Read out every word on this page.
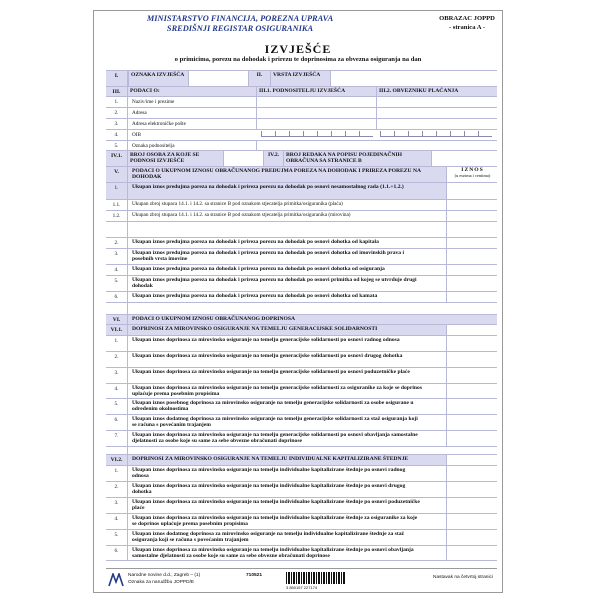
MINISTARSTVO FINANCIJA, POREZNA UPRAVA
SREDIŠNJI REGISTAR OSIGURANIKA
OBRAZAC JOPPD
- stranica A -
IZVJEŠĆE
o primicima, porezu na dohodak i prirezu te doprinosima za obvezna osiguranja na dan
I.	OZNAKA IZVJEŠĆA	II.	VRSTA IZVJEŠĆA
III.	PODACI O:	III.1. PODNOSITELJU IZVJEŠĆA	III.2. OBVEZNIKU PLAĆANJA
1.	Naziv/ime i prezime
2.	Adresa
3.	Adresa elektroničke pošte
4.	OIB
5.	Oznaka podnositelja
IV.1.	BROJ OSOBA ZA KOJE SE PODNOSI IZVJEŠĆE
IV.2.	BROJ REDAKA NA POPISU POJEDINAČNIH OBRAČUNA SA STRANICE B
V.	PODACI O UKUPNOM IZNOSU OBRAČUNANOG PREDUJMA POREZA NA DOHODAK I PRIREZA POREZU NA DOHODAK
IZNOS
(u eurima i centima)
1.	Ukupan iznos predujma poreza na dohodak i prireza porezu na dohodak po osnovi nesamostalnog rada (1.1.+1.2.)
1.1.	Ukupan zbroj stupaca 14.1. i 14.2. sa stranice B pod oznakom stjecatelja primitka/osiguranika (plaća)
1.2.	Ukupan zbroj stupaca 14.1. i 14.2. sa stranice B pod oznakom stjecatelja primitka/osiguranika (mirovina)
2.	Ukupan iznos predujma poreza na dohodak i prireza porezu na dohodak po osnovi dohotka od kapitala
3.	Ukupan iznos predujma poreza na dohodak i prireza porezu na dohodak po osnovi dohotka od imovinskih prava i posebnih vrsta imovine
4.	Ukupan iznos predujma poreza na dohodak i prireza porezu na dohodak po osnovi dohotka od osiguranja
5.	Ukupan iznos predujma poreza na dohodak i prireza porezu na dohodak po osnovi primitka od kojeg se utvrđuje drugi dohodak
6.	Ukupan iznos predujma poreza na dohodak i prireza porezu na dohodak po osnovi dohotka od kamata
VI.	PODACI O UKUPNOM IZNOSU OBRAČUNANOG DOPRINOSA
VI.1.	DOPRINOSI ZA MIROVINSKO OSIGURANJE NA TEMELJU GENERACIJSKE SOLIDARNOSTI
1.	Ukupan iznos doprinosa za mirovinsko osiguranje na temelju generacijske solidarnosti po osnovi radnog odnosa
2.	Ukupan iznos doprinosa za mirovinsko osiguranje na temelju generacijske solidarnosti po osnovi drugog dohotka
3.	Ukupan iznos doprinosa za mirovinsko osiguranje na temelju generacijske solidarnosti po osnovi poduzetničke plaće
4.	Ukupan iznos doprinosa za mirovinsko osiguranje na temelju generacijske solidarnosti za osiguranike za koje se doprinos uplaćuje prema posebnim propisima
5.	Ukupan iznos posebnog doprinosa za mirovinsko osiguranje na temelju generacijske solidarnosti za osobe osigurane u određenim okolnostima
6.	Ukupan iznos dodatnog doprinosa za mirovinsko osiguranje na temelju generacijske solidarnosti za staž osiguranja koji se računa s povećanim trajanjem
7.	Ukupan iznos doprinosa za mirovinsko osiguranje na temelju generacijske solidarnosti po osnovi obavljanja samostalne djelatnosti za osobe koje su same za sebe obvezne obračunati doprinose
VI.2.	DOPRINOSI ZA MIROVINSKO OSIGURANJE NA TEMELJU INDIVIDUALNE KAPITALIZIRANE ŠTEDNJE
1.	Ukupan iznos doprinosa za mirovinsko osiguranje na temelju individualne kapitalizirane štednje po osnovi radnog odnosa
2.	Ukupan iznos doprinosa za mirovinsko osiguranje na temelju individualne kapitalizirane štednje po osnovi drugog dohotka
3.	Ukupan iznos doprinosa za mirovinsko osiguranje na temelju individualne kapitalizirane štednje po osnovi poduzetničke plaće
4.	Ukupan iznos doprinosa za mirovinsko osiguranje na temelju individualne kapitalizirane štednje za osiguranike za koje se doprinos uplaćuje prema posebnim propisima
5.	Ukupan iznos dodatnog doprinosa za mirovinsko osiguranje na temelju individualne kapitalizirane štednje za staž osiguranja koji se računa s povećanim trajanjem
6.	Ukupan iznos doprinosa za mirovinsko osiguranje na temelju individualne kapitalizirane štednje po osnovi obavljanja samostalne djelatnosti za osobe koje su same za sebe obvezne obračunati doprinose
Narodne novine d.d., Zagreb – (1)
Oznaka za narudžbu JOPPD/E
710521
3 850157 227174
Nastavak na četvrtoj stranici
